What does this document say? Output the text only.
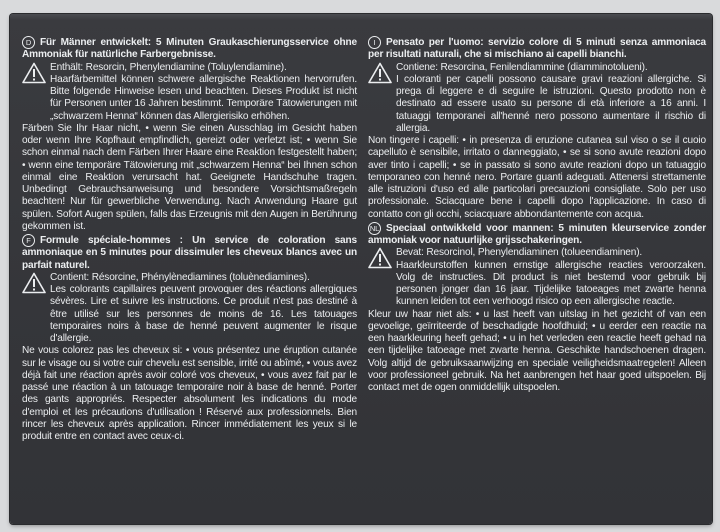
D Für Männer entwickelt: 5 Minuten Graukaschierungsservice ohne Ammoniak für natürliche Farbergebnisse.

Enthält: Resorcin, Phenylendiamine (Toluylendiamine).

Haarfärbemittel können schwere allergische Reaktionen hervorrufen. Bitte folgende Hinweise lesen und beachten. Dieses Produkt ist nicht für Personen unter 16 Jahren bestimmt. Temporäre Tätowierungen mit „schwarzem Henna“ können das Allergierisiko erhöhen.

Färben Sie Ihr Haar nicht, • wenn Sie einen Ausschlag im Gesicht haben oder wenn Ihre Kopfhaut empfindlich, gereizt oder verletzt ist; • wenn Sie schon einmal nach dem Färben Ihrer Haare eine Reaktion festgestellt haben; • wenn eine temporäre Tätowierung mit „schwarzem Henna“ bei Ihnen schon einmal eine Reaktion verursacht hat. Geeignete Handschuhe tragen. Unbedingt Gebrauchsanweisung und besondere Vorsichtsmaßregeln beachten! Nur für gewerbliche Verwendung. Nach Anwendung Haare gut spülen. Sofort Augen spülen, falls das Erzeugnis mit den Augen in Berührung gekommen ist.

F Formule spéciale-hommes : Un service de coloration sans ammoniaque en 5 minutes pour dissimuler les cheveux blancs avec un parfait naturel.

Contient: Résorcine, Phénylènediamines (toluènediamines).

Les colorants capillaires peuvent provoquer des réactions allergiques sévères. Lire et suivre les instructions. Ce produit n'est pas destiné à être utilisé sur les personnes de moins de 16. Les tatouages temporaires noirs à base de henné peuvent augmenter le risque d'allergie.

Ne vous colorez pas les cheveux si: • vous présentez une éruption cutanée sur le visage ou si votre cuir chevelu est sensible, irrité ou abîmé, • vous avez déjà fait une réaction après avoir coloré vos cheveux, • vous avez fait par le passé une réaction à un tatouage temporaire noir à base de henné. Porter des gants appropriés. Respecter absolument les indications du mode d'emploi et les précautions d'utilisation ! Réservé aux professionnels. Bien rincer les cheveux après application. Rincer immédiatement les yeux si le produit entre en contact avec ceux-ci.

I Pensato per l'uomo: servizio colore di 5 minuti senza ammoniaca per risultati naturali, che si mischiano ai capelli bianchi.

Contiene: Resorcina, Fenilendiammine (diamminotolueni).

I coloranti per capelli possono causare gravi reazioni allergiche. Si prega di leggere e di seguire le istruzioni. Questo prodotto non è destinato ad essere usato su persone di età inferiore a 16 anni. I tatuaggi temporanei all'henné nero possono aumentare il rischio di allergia.

Non tingere i capelli: • in presenza di eruzione cutanea sul viso o se il cuoio capelluto è sensibile, irritato o danneggiato, • se si sono avute reazioni dopo aver tinto i capelli; • se in passato si sono avute reazioni dopo un tatuaggio temporaneo con henné nero. Portare guanti adeguati. Attenersi strettamente alle istruzioni d'uso ed alle particolari precauzioni consigliate. Solo per uso professionale. Sciacquare bene i capelli dopo l'applicazione. In caso di contatto con gli occhi, sciacquare abbondantemente con acqua.

NL Speciaal ontwikkeld voor mannen: 5 minuten kleurservice zonder ammoniak voor natuurlijke grijsschakeringen.

Bevat: Resorcinol, Phenylendiaminen (tolueendiaminen).

Haarkleurstoffen kunnen ernstige allergische reacties veroorzaken. Volg de instructies. Dit product is niet bestemd voor gebruik bij personen jonger dan 16 jaar. Tijdelijke tatoeages met zwarte henna kunnen leiden tot een verhoogd risico op een allergische reactie.

Kleur uw haar niet als: • u last heeft van uitslag in het gezicht of van een gevoelige, geïrriteerde of beschadigde hoofdhuid; • u eerder een reactie na een haarkleuring heeft gehad; • u in het verleden een reactie heeft gehad na een tijdelijke tatoeage met zwarte henna. Geschikte handschoenen dragen. Volg altijd de gebruiksaanwijzing en speciale veiligheidsmaatregelen! Alleen voor professioneel gebruik. Na het aanbrengen het haar goed uitspoelen. Bij contact met de ogen onmiddellijk uitspoelen.
